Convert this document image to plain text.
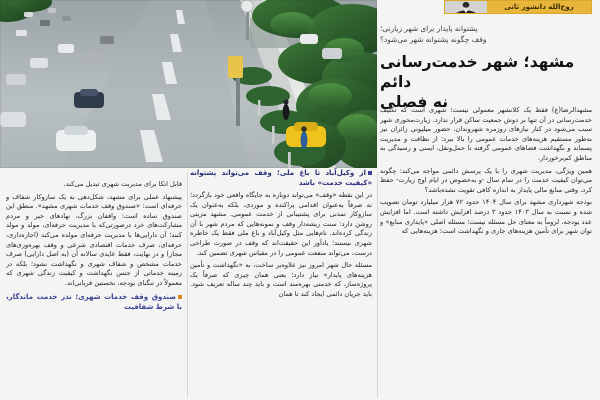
روح‌الله دانشور ثانی
پشتوانه پایدار برای شهر زیارتی؛
وقف چگونه پشتوانه شهر می‌شود؟
مشهد؛ شهر خدمت‌رسانی دائم
نه فصلی

مشهدالرضا(ع) فقط یک کلانشهر معمولی نیست؛ شهری است که تکلیف خدمت‌رسانی در آن تنها بر دوش جمعیت ساکن قرار ندارد. زیارت‌محوری شهر سبب می‌شود در کنار نیازهای روزمره شهروندان، حضور میلیونی زائران نیز به‌طور مستقیم هزینه‌های خدمات عمومی را بالا ببرد: از نظافت و مدیریت پسماند و نگهداشت فضاهای عمومی گرفته تا حمل‌ونقل، ایمنی و رسیدگی به مناطق کم‌برخوردار.

همین ویژگی، مدیریت شهری را با یک پرسش دائمی مواجه می‌کند: چگونه می‌توان کیفیت خدمت را در تمام سال -و به‌خصوص در ایام اوج زیارت- حفظ کرد، وقتی منابع مالی پایدار به اندازه کافی تقویت نشده‌باشد؟

بودجه شهرداری مشهد برای سال ۱۴۰۴ حدود ۷۲ هزار میلیارد تومان تصویب شده و نسبت به سال ۱۴۰۳ حدود ۳ درصد افزایش داشته است. اما افزایش عدد بودجه، لزوماً به معنای حل مسئله نیست؛ مسئله اصلی «پایداری منابع» و توان شهر برای تأمین هزینه‌های جاری و نگهداشت است؛ هزینه‌هایی که

از وکیل‌آباد تا باغ ملی؛ وقف می‌تواند پشتوانه «کیفیت خدمت» باشد

در این نقطه «وقف» می‌تواند دوباره به جایگاه واقعی خود بازگردد؛ نه صرفاً به‌عنوان اقدامی پراکنده و موردی، بلکه به‌عنوان یک سازوکار تمدنی برای پشتیبانی از خدمت عمومی. مشهد مزیتی روشن دارد: سنت ریشه‌دار وقف و نمونه‌هایی که مردم شهر با آن زندگی کرده‌اند. نام‌هایی مثل وکیل‌آباد و باغ ملی فقط یک خاطره شهری نیستند؛ یادآور این حقیقت‌اند که وقف در صورت طراحی درست، می‌تواند منفعت عمومی را در مقیاس شهری تضمین کند.

مسئله حال شهر امروز نیز علاوه‌بر ساخت، به «نگهداشت و تأمین هزینه‌های پایدار» نیاز دارد؛ یعنی همان چیزی که صرفاً یک پروژه‌ساز، که خدمتی بهره‌مند است و باید چند ساله تعریف شود. باید جریان دائمی ایجاد کند تا همان

قابل اتکا برای مدیریت شهری تبدیل می‌کند.

پیشنهاد عملی برای مشهد، شکل‌دهی به یک سازوکار شفاف و حرفه‌ای است: «صندوق وقف خدمات شهری مشهد». منطق این صندوق ساده است: واقفان بزرگ، نهادهای خیر و مردم مشارکت‌های خرد درصورتی‌که با مدیریت حرفه‌ای، مولد و مولد کنند؛ آن دارایی‌ها با مدیریت حرفه‌ای مولده می‌کند (اجاره‌داری، حرفه‌ای، صرف خدمات اقتصادی شرعی و وقف بهره‌وری‌های مجاز) و در نهایت، فقط عایدی سالانه آن (به اصل دارایی) صرف خدمات مشخص و شفاف شهری و نگهداشت نشود؛ بلکه در زمینه خدماتی از جنس نگهداشت و کیفیت زندگی شهری که معمولاً در تنگنای بودجه، نخستین قربانی‌اند.

صندوق وقف خدمات شهری؛ نذر خدمت ماندگار، با شرط شفافیت
